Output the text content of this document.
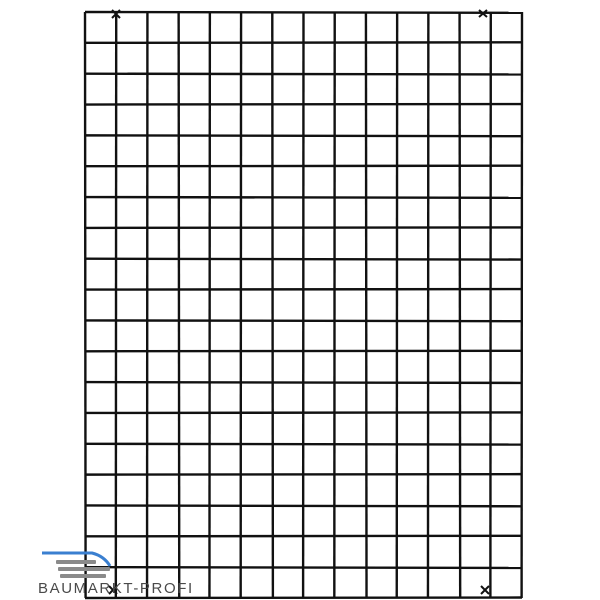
BAUMARKT-PROFI
